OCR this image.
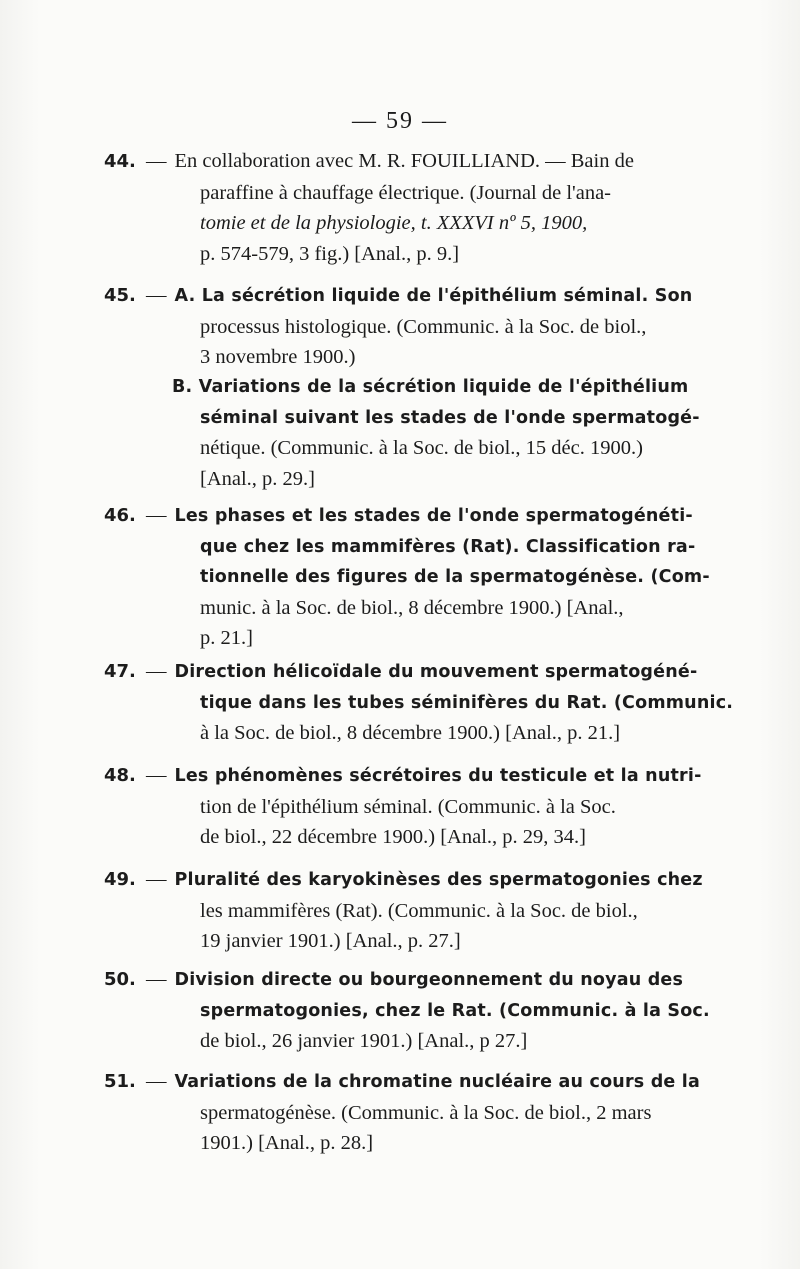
— 59 —
44. — En collaboration avec M. R. FOUILLIAND. — Bain de
paraffine à chauffage électrique. (Journal de l'ana-
tomie et de la physiologie, t. XXXVI nº 5, 1900,
p. 574-579, 3 fig.) [Anal., p. 9.]
45. — A. La sécrétion liquide de l'épithélium séminal. Son
processus histologique. (Communic. à la Soc. de biol.,
3 novembre 1900.)
B. Variations de la sécrétion liquide de l'épithélium
séminal suivant les stades de l'onde spermatogé-
nétique. (Communic. à la Soc. de biol., 15 déc. 1900.)
[Anal., p. 29.]
46. — Les phases et les stades de l'onde spermatogénéti-
que chez les mammifères (Rat). Classification ra-
tionnelle des figures de la spermatogénèse. (Com-
munic. à la Soc. de biol., 8 décembre 1900.) [Anal.,
p. 21.]
47. — Direction hélicoïdale du mouvement spermatogéné-
tique dans les tubes séminifères du Rat. (Communic.
à la Soc. de biol., 8 décembre 1900.) [Anal., p. 21.]
48. — Les phénomènes sécrétoires du testicule et la nutri-
tion de l'épithélium séminal. (Communic. à la Soc.
de biol., 22 décembre 1900.) [Anal., p. 29, 34.]
49. — Pluralité des karyokinèses des spermatogonies chez
les mammifères (Rat). (Communic. à la Soc. de biol.,
19 janvier 1901.) [Anal., p. 27.]
50. — Division directe ou bourgeonnement du noyau des
spermatogonies, chez le Rat. (Communic. à la Soc.
de biol., 26 janvier 1901.) [Anal., p 27.]
51. — Variations de la chromatine nucléaire au cours de la
spermatogénèse. (Communic. à la Soc. de biol., 2 mars
1901.) [Anal., p. 28.]
